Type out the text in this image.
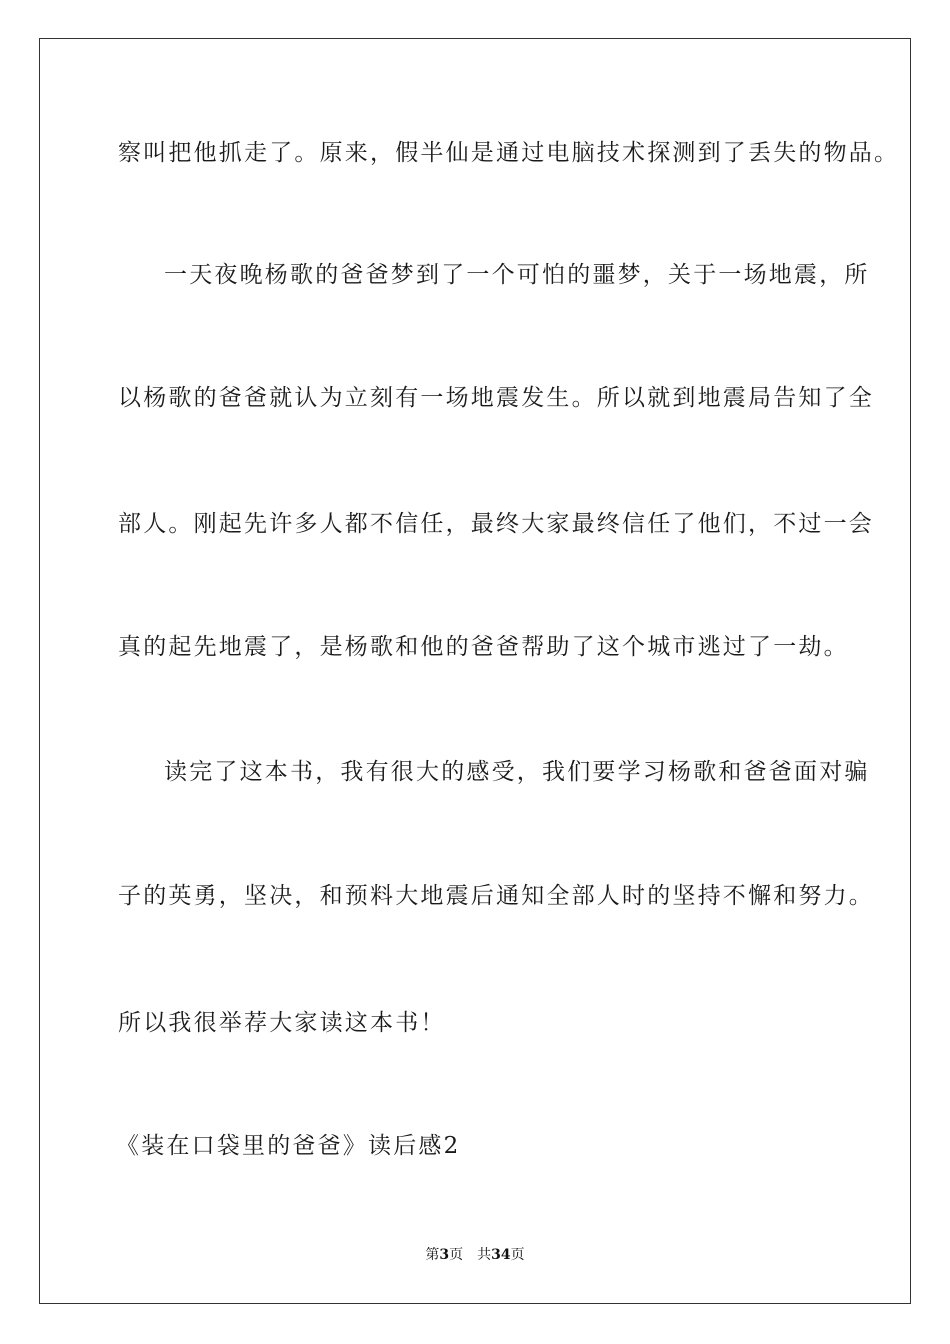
察叫把他抓走了。原来，假半仙是通过电脑技术探测到了丢失的物品。
一天夜晚杨歌的爸爸梦到了一个可怕的噩梦，关于一场地震，所
以杨歌的爸爸就认为立刻有一场地震发生。所以就到地震局告知了全
部人。刚起先许多人都不信任，最终大家最终信任了他们，不过一会
真的起先地震了，是杨歌和他的爸爸帮助了这个城市逃过了一劫。
读完了这本书，我有很大的感受，我们要学习杨歌和爸爸面对骗
子的英勇，坚决，和预料大地震后通知全部人时的坚持不懈和努力。
所以我很举荐大家读这本书！
《装在口袋里的爸爸》读后感2
第3页 共34页
